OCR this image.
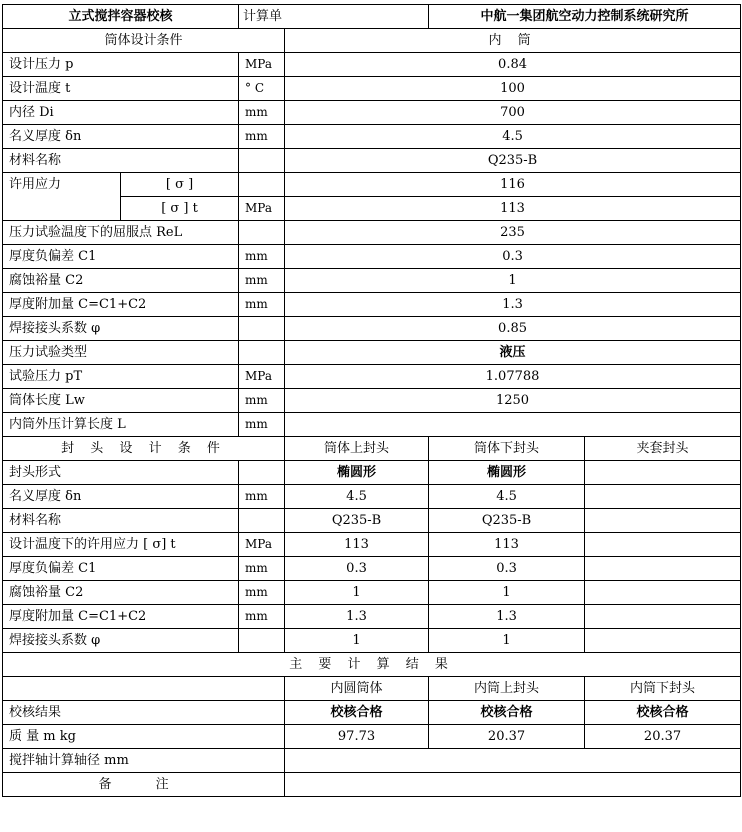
立式搅拌容器校核		计算单		中航一集团航空动力控制系统研究所	
筒体设计条件			内 筒		
设计压力 p		MPa	0.84		
设计温度 t		° C	100		
内径 Di		mm	700		
名义厚度 δn		mm	4.5		
材料名称			Q235-B		
许用应力	[ σ ]		116		
	[ σ ] t	MPa	113		
压力试验温度下的屈服点 ReL			235		
厚度负偏差 C1		mm	0.3		
腐蚀裕量 C2		mm	1		
厚度附加量 C=C1+C2		mm	1.3		
焊接接头系数 φ			0.85		
压力试验类型			液压		
试验压力 pT		MPa	1.07788		
筒体长度 Lw		mm	1250		
内筒外压计算长度 L		mm			
封 头 设 计 条 件			筒体上封头	筒体下封头	夹套封头
封头形式			椭圆形	椭圆形	
名义厚度 δn		mm	4.5	4.5	
材料名称			Q235-B	Q235-B	
设计温度下的许用应力 [ σ] t		MPa	113	113	
厚度负偏差 C1		mm	0.3	0.3	
腐蚀裕量 C2		mm	1	1	
厚度附加量 C=C1+C2		mm	1.3	1.3	
焊接接头系数 φ			1	1	
主 要 计 算 结 果					
			内圆筒体	内筒上封头	内筒下封头
校核结果			校核合格	校核合格	校核合格
质 量 m kg			97.73	20.37	20.37
搅拌轴计算轴径 mm					
备 注					
